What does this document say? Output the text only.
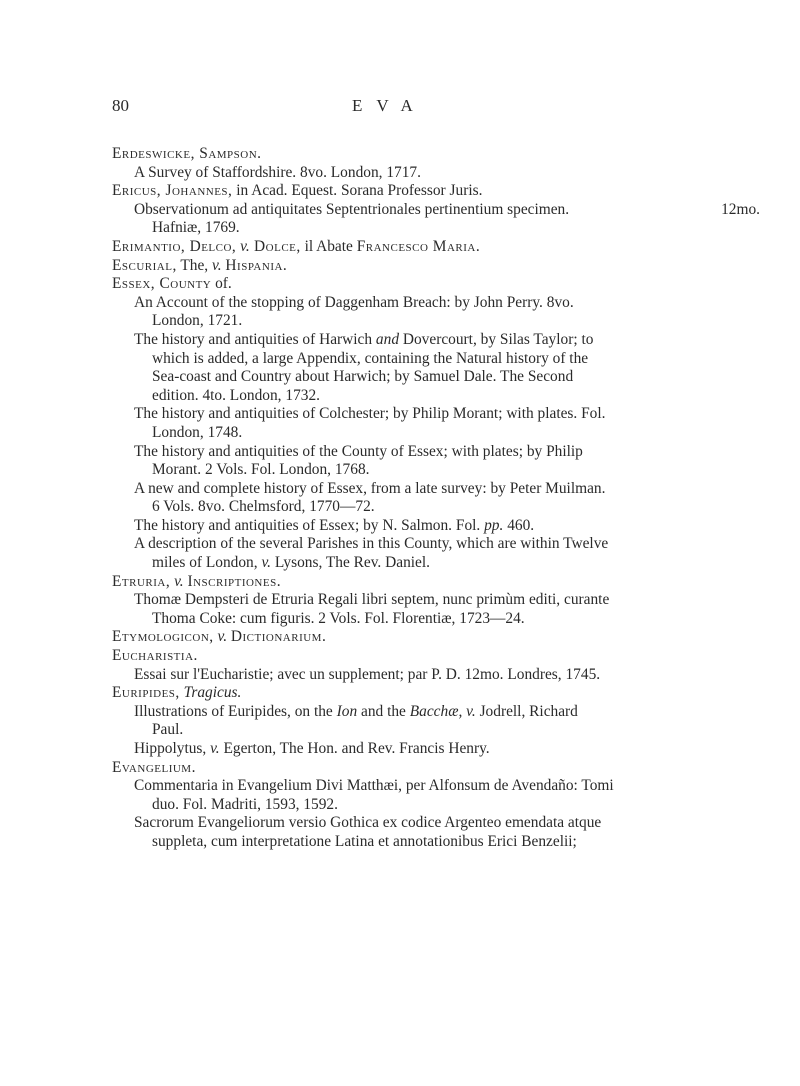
80	EVA
Erdeswicke, Sampson.
A Survey of Staffordshire. 8vo. London, 1717.
Ericus, Johannes, in Acad. Equest. Sorana Professor Juris.
Observationum ad antiquitates Septentrionales pertinentium specimen.	12mo.
Hafniæ, 1769.
Erimantio, Delco, v. Dolce, il Abate Francesco Maria.
Escurial, The, v. Hispania.
Essex, County of.
An Account of the stopping of Daggenham Breach: by John Perry. 8vo.
London, 1721.
The history and antiquities of Harwich and Dovercourt, by Silas Taylor; to
which is added, a large Appendix, containing the Natural history of the
Sea-coast and Country about Harwich; by Samuel Dale. The Second
edition. 4to. London, 1732.
The history and antiquities of Colchester; by Philip Morant; with plates. Fol.
London, 1748.
The history and antiquities of the County of Essex; with plates; by Philip
Morant. 2 Vols. Fol. London, 1768.
A new and complete history of Essex, from a late survey: by Peter Muilman.
6 Vols. 8vo. Chelmsford, 1770—72.
The history and antiquities of Essex; by N. Salmon. Fol. pp. 460.
A description of the several Parishes in this County, which are within Twelve
miles of London, v. Lysons, The Rev. Daniel.
Etruria, v. Inscriptiones.
Thomæ Dempsteri de Etruria Regali libri septem, nunc primùm editi, curante
Thoma Coke: cum figuris. 2 Vols. Fol. Florentiæ, 1723—24.
Etymologicon, v. Dictionarium.
Eucharistia.
Essai sur l'Eucharistie; avec un supplement; par P. D. 12mo. Londres, 1745.
Euripides, Tragicus.
Illustrations of Euripides, on the Ion and the Bacchæ, v. Jodrell, Richard
Paul.
Hippolytus, v. Egerton, The Hon. and Rev. Francis Henry.
Evangelium.
Commentaria in Evangelium Divi Matthæi, per Alfonsum de Avendaño: Tomi
duo. Fol. Madriti, 1593, 1592.
Sacrorum Evangeliorum versio Gothica ex codice Argenteo emendata atque
suppleta, cum interpretatione Latina et annotationibus Erici Benzelii;
